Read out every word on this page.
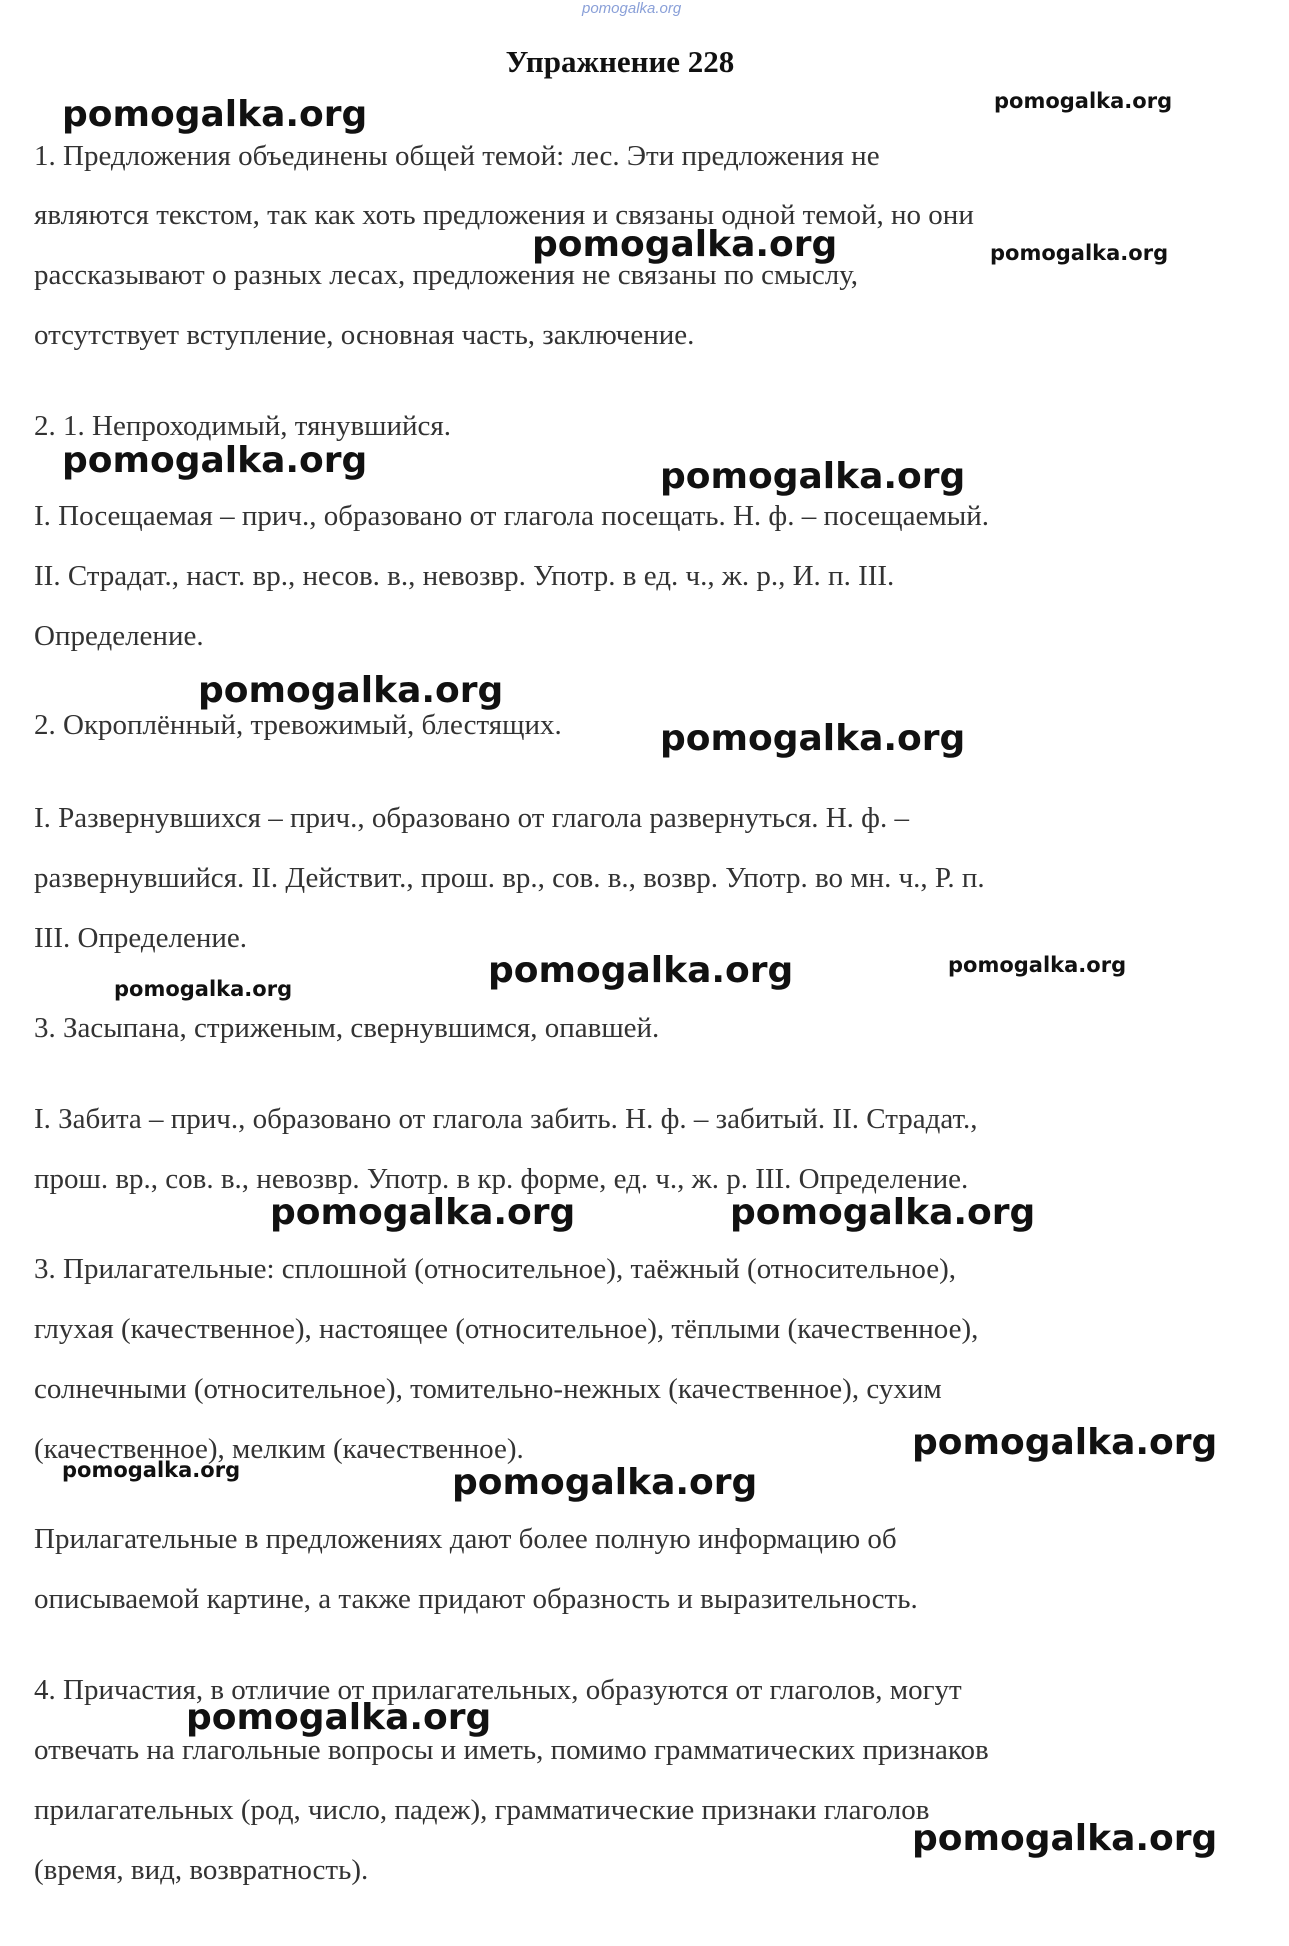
pomogalka.org
Упражнение 228
1. Предложения объединены общей темой: лес. Эти предложения не
являются текстом, так как хоть предложения и связаны одной темой, но они
рассказывают о разных лесах, предложения не связаны по смыслу,
отсутствует вступление, основная часть, заключение.
2. 1. Непроходимый, тянувшийся.
I. Посещаемая – прич., образовано от глагола посещать. Н. ф. – посещаемый.
II. Страдат., наст. вр., несов. в., невозвр. Употр. в ед. ч., ж. р., И. п. III.
Определение.
2. Окроплённый, тревожимый, блестящих.
I. Развернувшихся – прич., образовано от глагола развернуться. Н. ф. –
развернувшийся. II. Действит., прош. вр., сов. в., возвр. Употр. во мн. ч., Р. п.
III. Определение.
3. Засыпана, стриженым, свернувшимся, опавшей.
I. Забита – прич., образовано от глагола забить. Н. ф. – забитый. II. Страдат.,
прош. вр., сов. в., невозвр. Употр. в кр. форме, ед. ч., ж. р. III. Определение.
3. Прилагательные: сплошной (относительное), таёжный (относительное),
глухая (качественное), настоящее (относительное), тёплыми (качественное),
солнечными (относительное), томительно-нежных (качественное), сухим
(качественное), мелким (качественное).
Прилагательные в предложениях дают более полную информацию об
описываемой картине, а также придают образность и выразительность.
4. Причастия, в отличие от прилагательных, образуются от глаголов, могут
отвечать на глагольные вопросы и иметь, помимо грамматических признаков
прилагательных (род, число, падеж), грамматические признаки глаголов
(время, вид, возвратность).
pomogalka.org	pomogalka.org
pomogalka.org	pomogalka.org
pomogalka.org	pomogalka.org
pomogalka.org
pomogalka.org
pomogalka.org	pomogalka.org	pomogalka.org
pomogalka.org	pomogalka.org
pomogalka.org
pomogalka.org	pomogalka.org
pomogalka.org
pomogalka.org
